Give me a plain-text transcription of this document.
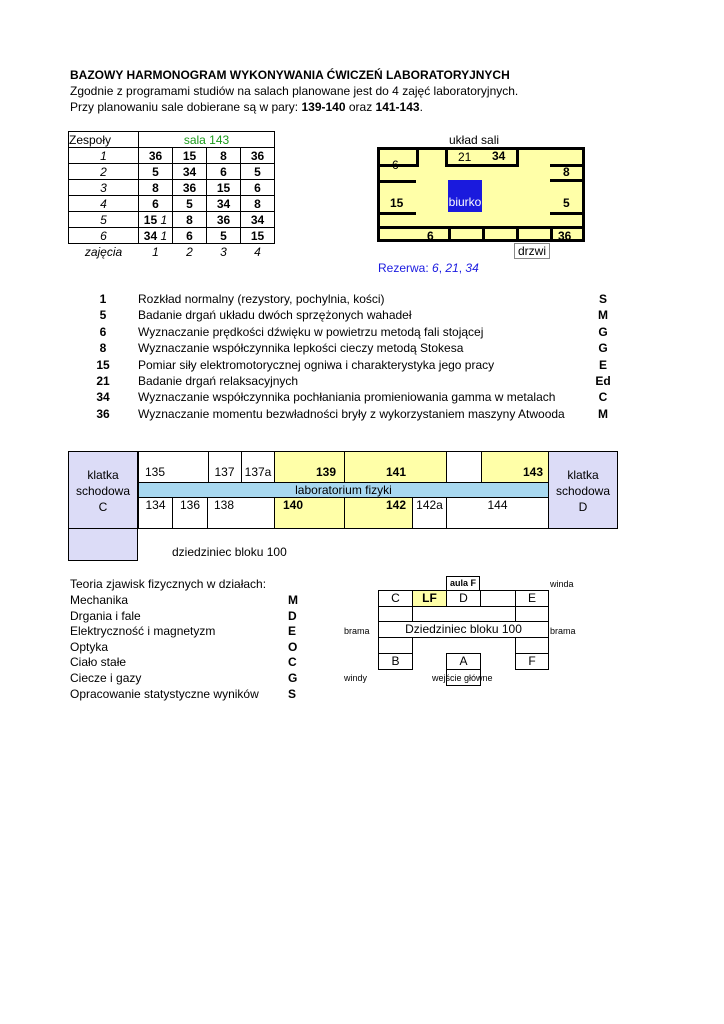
BAZOWY HARMONOGRAM WYKONYWANIA ĆWICZEŃ LABORATORYJNYCH
Zgodnie z programami studiów na salach planowane jest do 4 zajęć laboratoryjnych.
Przy planowaniu sale dobierane są w pary: 139-140 oraz 141-143.
Zespoły	sala 143			
1	36	15	8	36
2	5	34	6	5
3	8	36	15	6
4	6	5	34	8
5	15 1	8	36	34
6	34 1	6	5	15
zajęcia	1	2	3	4
układ sali
6
21 34
8
15	5
6	36
biurko
drzwi
Rezerwa: 6, 21, 34
1	Rozkład normalny (rezystory, pochylnia, kości)	S
5	Badanie drgań układu dwóch sprzężonych wahadeł	M
6	Wyznaczanie prędkości dźwięku w powietrzu metodą fali stojącej	G
8	Wyznaczanie współczynnika lepkości cieczy metodą Stokesa	G
15	Pomiar siły elektromotorycznej ogniwa i charakterystyka jego pracy	E
21	Badanie drgań relaksacyjnych	Ed
34	Wyznaczanie współczynnika pochłaniania promieniowania gamma w metalach	C
36	Wyznaczanie momentu bezwładności bryły z wykorzystaniem maszyny Atwooda	M
klatka
schodowa
C
klatka
schodowa
D
135	137 137a	139	141	143
laboratorium fizyki
134	136	138	140	142 142a	144
dziedziniec bloku 100
Teoria zjawisk fizycznych w działach:
Mechanika	M
Drgania i fale	D
Elektryczność i magnetyzm	E
Optyka	O
Ciało stałe	C
Ciecze i gazy	G
Opracowanie statystyczne wyników S
aula F	winda
C	LF	D	E
brama	Dziedziniec bloku 100	brama
B	A	F
windy	wejście główne
